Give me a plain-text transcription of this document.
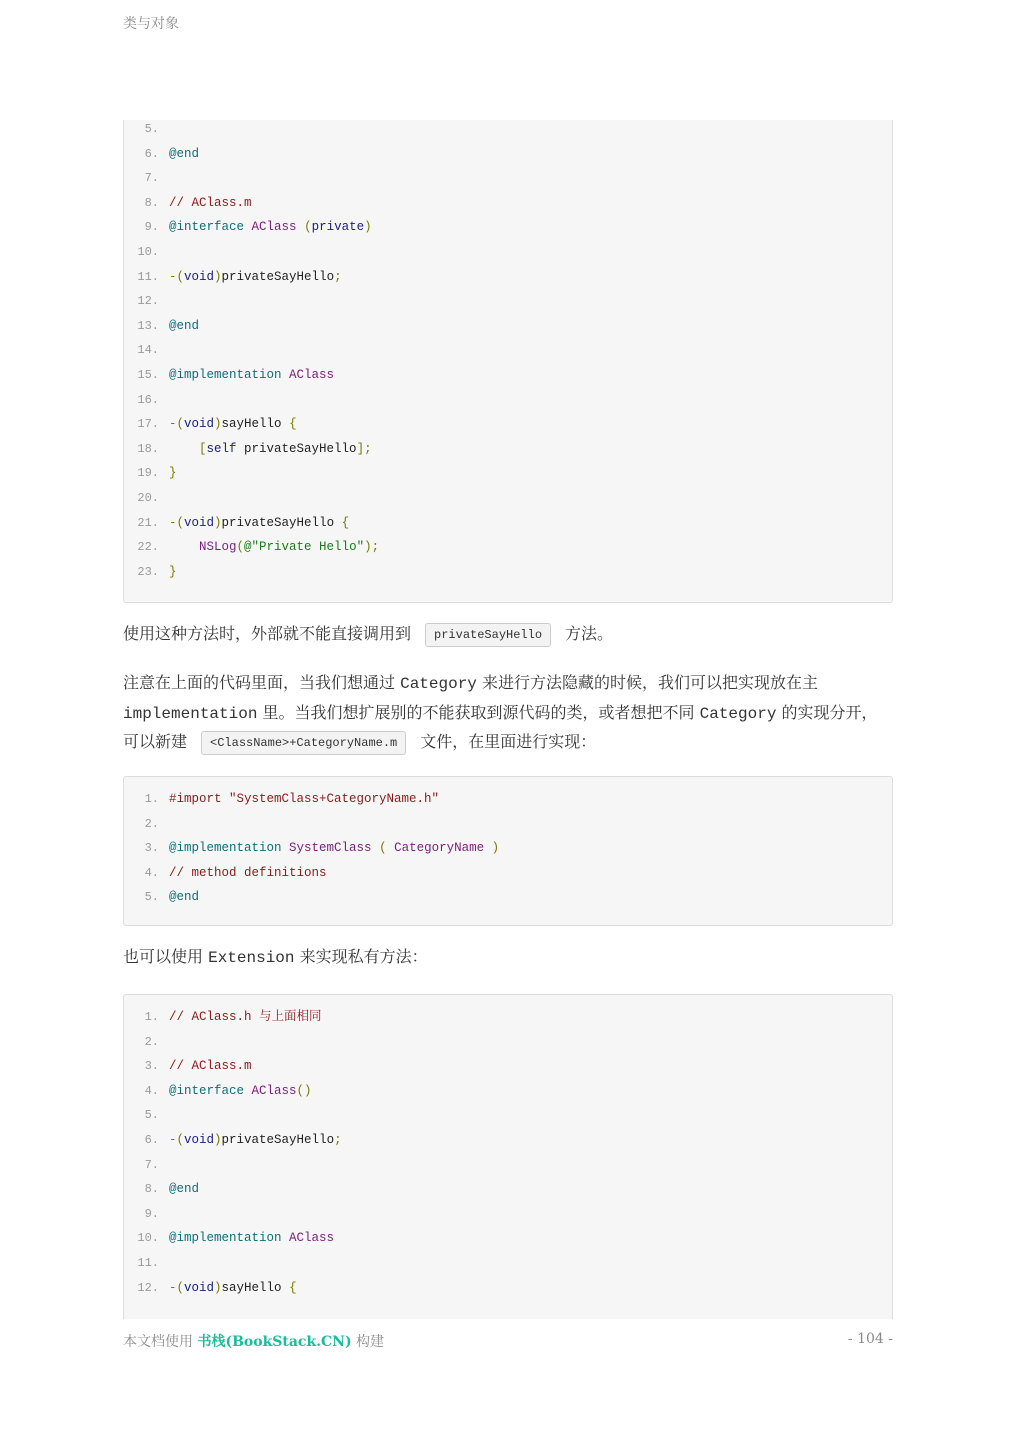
类与对象
5.
6. @end
7.
8. // AClass.m
9. @interface AClass (private)
10.
11. -(void)privateSayHello;
12.
13. @end
14.
15. @implementation AClass
16.
17. -(void)sayHello {
18. [self privateSayHello];
19. }
20.
21. -(void)privateSayHello {
22.	NSLog(@"Private Hello");
23. }
使用这种方法时，外部就不能直接调用到 privateSayHello 方法。
注意在上面的代码里面，当我们想通过 Category 来进行方法隐藏的时候，我们可以把实现放在主
implementation 里。当我们想扩展别的不能获取到源代码的类，或者想把不同 Category 的实现分开，可以新建 <ClassName>+CategoryName.m 文件，在里面进行实现：
1. #import "SystemClass+CategoryName.h"
2.
3. @implementation SystemClass ( CategoryName )
4. // method definitions
5. @end
也可以使用 Extension 来实现私有方法：
1. // AClass.h 与上面相同
2.
3. // AClass.m
4. @interface AClass()
5.
6. -(void)privateSayHello;
7.
8. @end
9.
10. @implementation AClass
11.
12. -(void)sayHello {
本文档使用 书栈(BookStack.CN) 构建	- 104 -
